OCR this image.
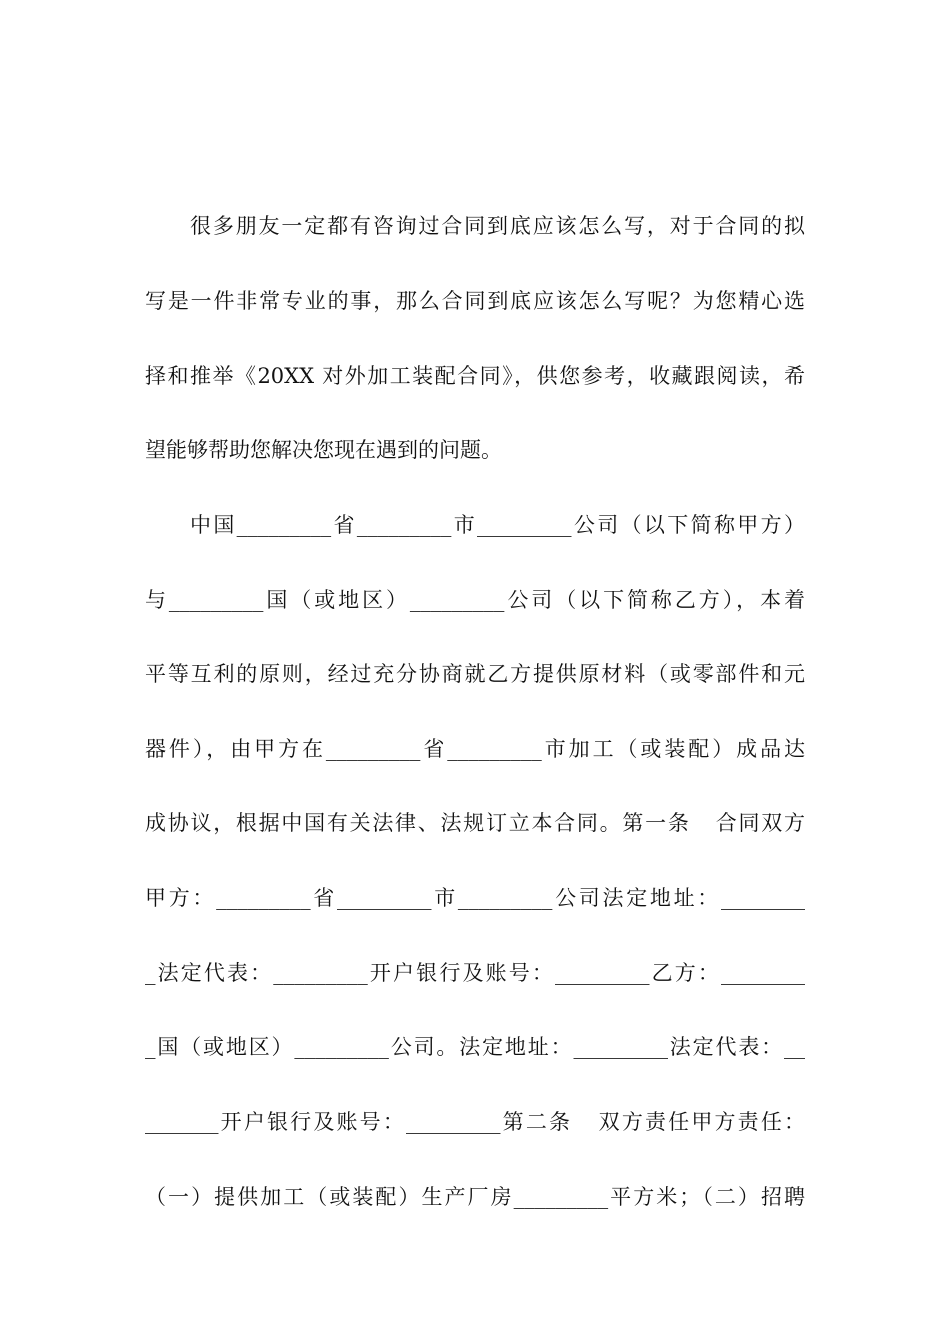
很多朋友一定都有咨询过合同到底应该怎么写，对于合同的拟
写是一件非常专业的事，那么合同到底应该怎么写呢？为您精心选
择和推举《20XX 对外加工装配合同》，供您参考，收藏跟阅读，希
望能够帮助您解决您现在遇到的问题。
中国_________省_________市_________公司（以下简称甲方）
与_________国（或地区）_________公司（以下简称乙方），本着
平等互利的原则，经过充分协商就乙方提供原材料（或零部件和元
器件），由甲方在_________省_________市加工（或装配）成品达
成协议，根据中国有关法律、法规订立本合同。第一条   合同双方
甲方：_________省_________市_________公司法定地址：________
_法定代表：_________开户银行及账号：_________乙方：________
_国（或地区）_________公司。法定地址：_________法定代表：__
_______开户银行及账号：_________第二条   双方责任甲方责任：
（一）提供加工（或装配）生产厂房_________平方米；（二）招聘
